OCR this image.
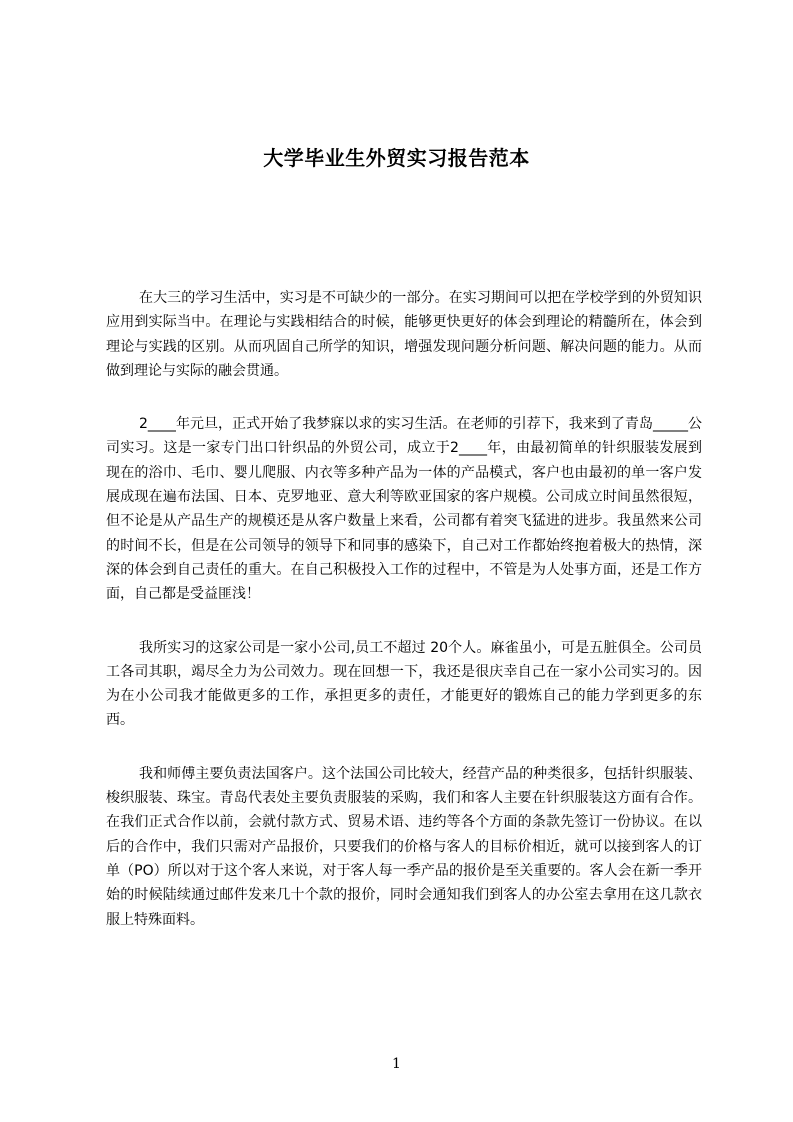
大学毕业生外贸实习报告范本

在大三的学习生活中，实习是不可缺少的一部分。在实习期间可以把在学校学到的外贸知识应用到实际当中。在理论与实践相结合的时候，能够更快更好的体会到理论的精髓所在，体会到理论与实践的区别。从而巩固自己所学的知识，增强发现问题分析问题、解决问题的能力。从而做到理论与实际的融会贯通。

2____年元旦，正式开始了我梦寐以求的实习生活。在老师的引荐下，我来到了青岛_____公司实习。这是一家专门出口针织品的外贸公司，成立于2____年，由最初简单的针织服装发展到现在的浴巾、毛巾、婴儿爬服、内衣等多种产品为一体的产品模式，客户也由最初的单一客户发展成现在遍布法国、日本、克罗地亚、意大利等欧亚国家的客户规模。公司成立时间虽然很短，但不论是从产品生产的规模还是从客户数量上来看，公司都有着突飞猛进的进步。我虽然来公司的时间不长，但是在公司领导的领导下和同事的感染下，自己对工作都始终抱着极大的热情，深深的体会到自己责任的重大。在自己积极投入工作的过程中，不管是为人处事方面，还是工作方面，自己都是受益匪浅！

我所实习的这家公司是一家小公司,员工不超过 20个人。麻雀虽小，可是五脏俱全。公司员工各司其职，竭尽全力为公司效力。现在回想一下，我还是很庆幸自己在一家小公司实习的。因为在小公司我才能做更多的工作，承担更多的责任，才能更好的锻炼自己的能力学到更多的东西。

我和师傅主要负责法国客户。这个法国公司比较大，经营产品的种类很多，包括针织服装、梭织服装、珠宝。青岛代表处主要负责服装的采购，我们和客人主要在针织服装这方面有合作。在我们正式合作以前，会就付款方式、贸易术语、违约等各个方面的条款先签订一份协议。在以后的合作中，我们只需对产品报价，只要我们的价格与客人的目标价相近，就可以接到客人的订单（PO）所以对于这个客人来说，对于客人每一季产品的报价是至关重要的。客人会在新一季开始的时候陆续通过邮件发来几十个款的报价，同时会通知我们到客人的办公室去拿用在这几款衣服上特殊面料。

1
